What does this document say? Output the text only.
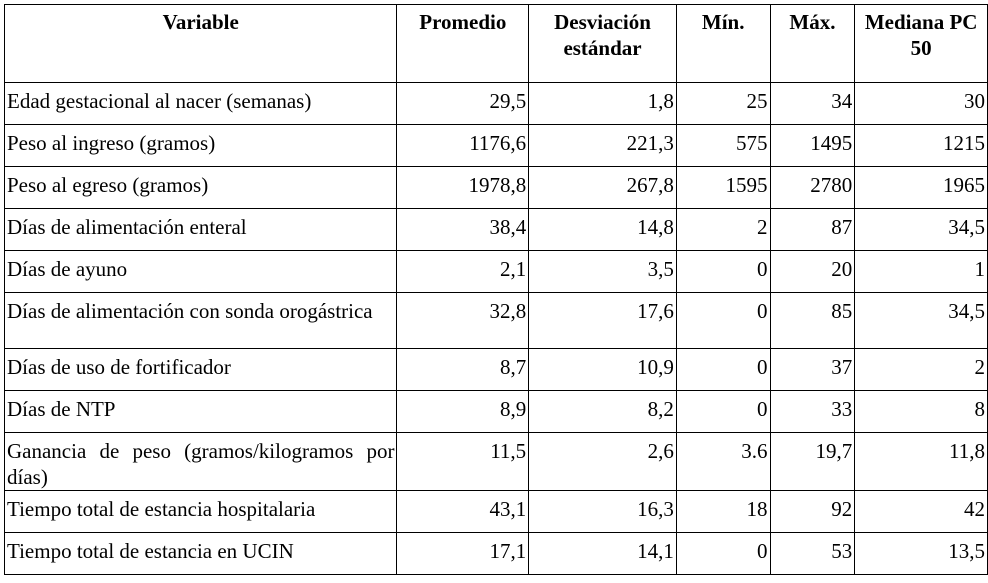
Variable	Promedio	Desviación estándar	Mín.	Máx.	Mediana PC 50
Edad gestacional al nacer (semanas)	29,5	1,8	25	34	30
Peso al ingreso (gramos)	1176,6	221,3	575	1495	1215
Peso al egreso (gramos)	1978,8	267,8	1595	2780	1965
Días de alimentación enteral	38,4	14,8	2	87	34,5
Días de ayuno	2,1	3,5	0	20	1
Días de alimentación con sonda orogástrica	32,8	17,6	0	85	34,5
Días de uso de fortificador	8,7	10,9	0	37	2
Días de NTP	8,9	8,2	0	33	8
Ganancia de peso (gramos/kilogramos por días)	11,5	2,6	3.6	19,7	11,8
Tiempo total de estancia hospitalaria	43,1	16,3	18	92	42
Tiempo total de estancia en UCIN	17,1	14,1	0	53	13,5
